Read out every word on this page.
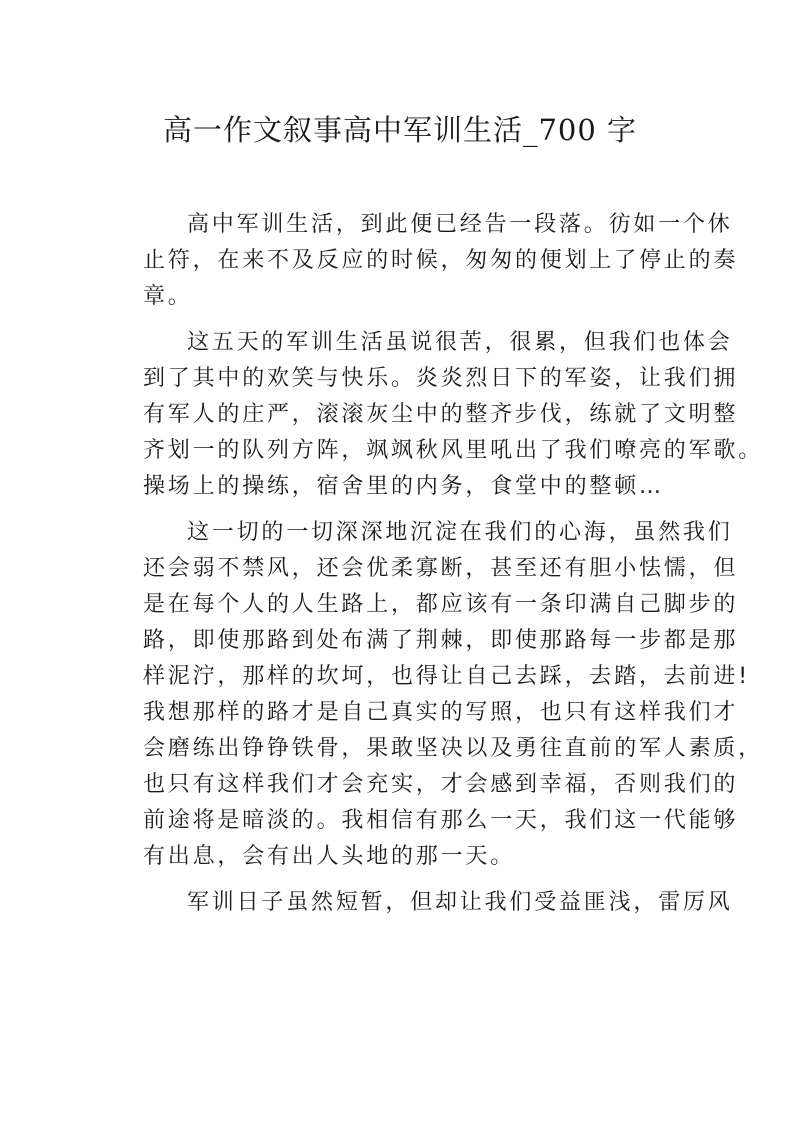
高一作文叙事高中军训生活_700 字
高中军训生活，到此便已经告一段落。彷如一个休
止符，在来不及反应的时候，匆匆的便划上了停止的奏
章。
这五天的军训生活虽说很苦，很累，但我们也体会
到了其中的欢笑与快乐。炎炎烈日下的军姿，让我们拥
有军人的庄严，滚滚灰尘中的整齐步伐，练就了文明整
齐划一的队列方阵，飒飒秋风里吼出了我们嘹亮的军歌。
操场上的操练，宿舍里的内务，食堂中的整顿…
这一切的一切深深地沉淀在我们的心海，虽然我们
还会弱不禁风，还会优柔寡断，甚至还有胆小怯懦，但
是在每个人的人生路上，都应该有一条印满自己脚步的
路，即使那路到处布满了荆棘，即使那路每一步都是那
样泥泞，那样的坎坷，也得让自己去踩，去踏，去前进!
我想那样的路才是自己真实的写照，也只有这样我们才
会磨练出铮铮铁骨，果敢坚决以及勇往直前的军人素质，
也只有这样我们才会充实，才会感到幸福，否则我们的
前途将是暗淡的。我相信有那么一天，我们这一代能够
有出息，会有出人头地的那一天。
军训日子虽然短暂，但却让我们受益匪浅，雷厉风
